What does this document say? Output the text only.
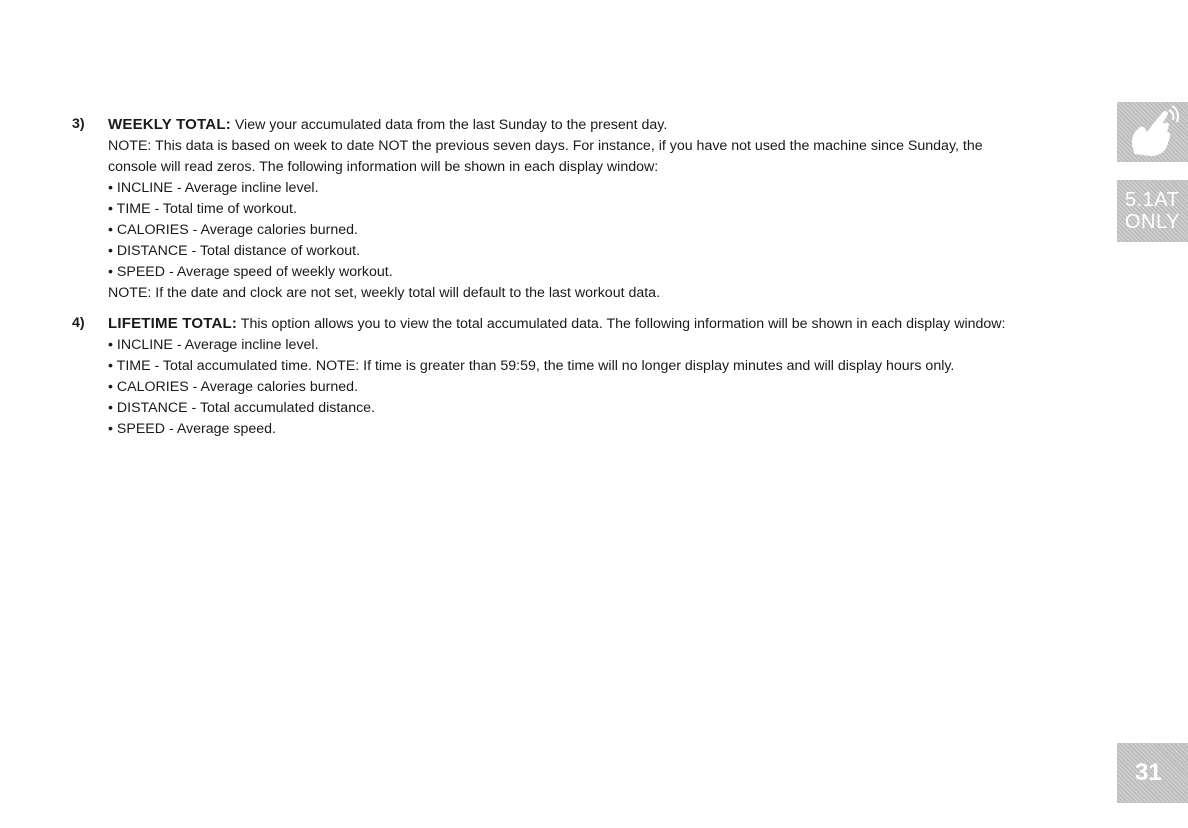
3) WEEKLY TOTAL: View your accumulated data from the last Sunday to the present day.
NOTE: This data is based on week to date NOT the previous seven days. For instance, if you have not used the machine since Sunday, the
console will read zeros. The following information will be shown in each display window:
• INCLINE - Average incline level.
• TIME - Total time of workout.
• CALORIES - Average calories burned.
• DISTANCE - Total distance of workout.
• SPEED - Average speed of weekly workout.
NOTE: If the date and clock are not set, weekly total will default to the last workout data.
4) LIFETIME TOTAL: This option allows you to view the total accumulated data. The following information will be shown in each display window:
• INCLINE - Average incline level.
• TIME - Total accumulated time. NOTE: If time is greater than 59:59, the time will no longer display minutes and will display hours only.
• CALORIES - Average calories burned.
• DISTANCE - Total accumulated distance.
• SPEED - Average speed.
5.1AT
ONLY
31
